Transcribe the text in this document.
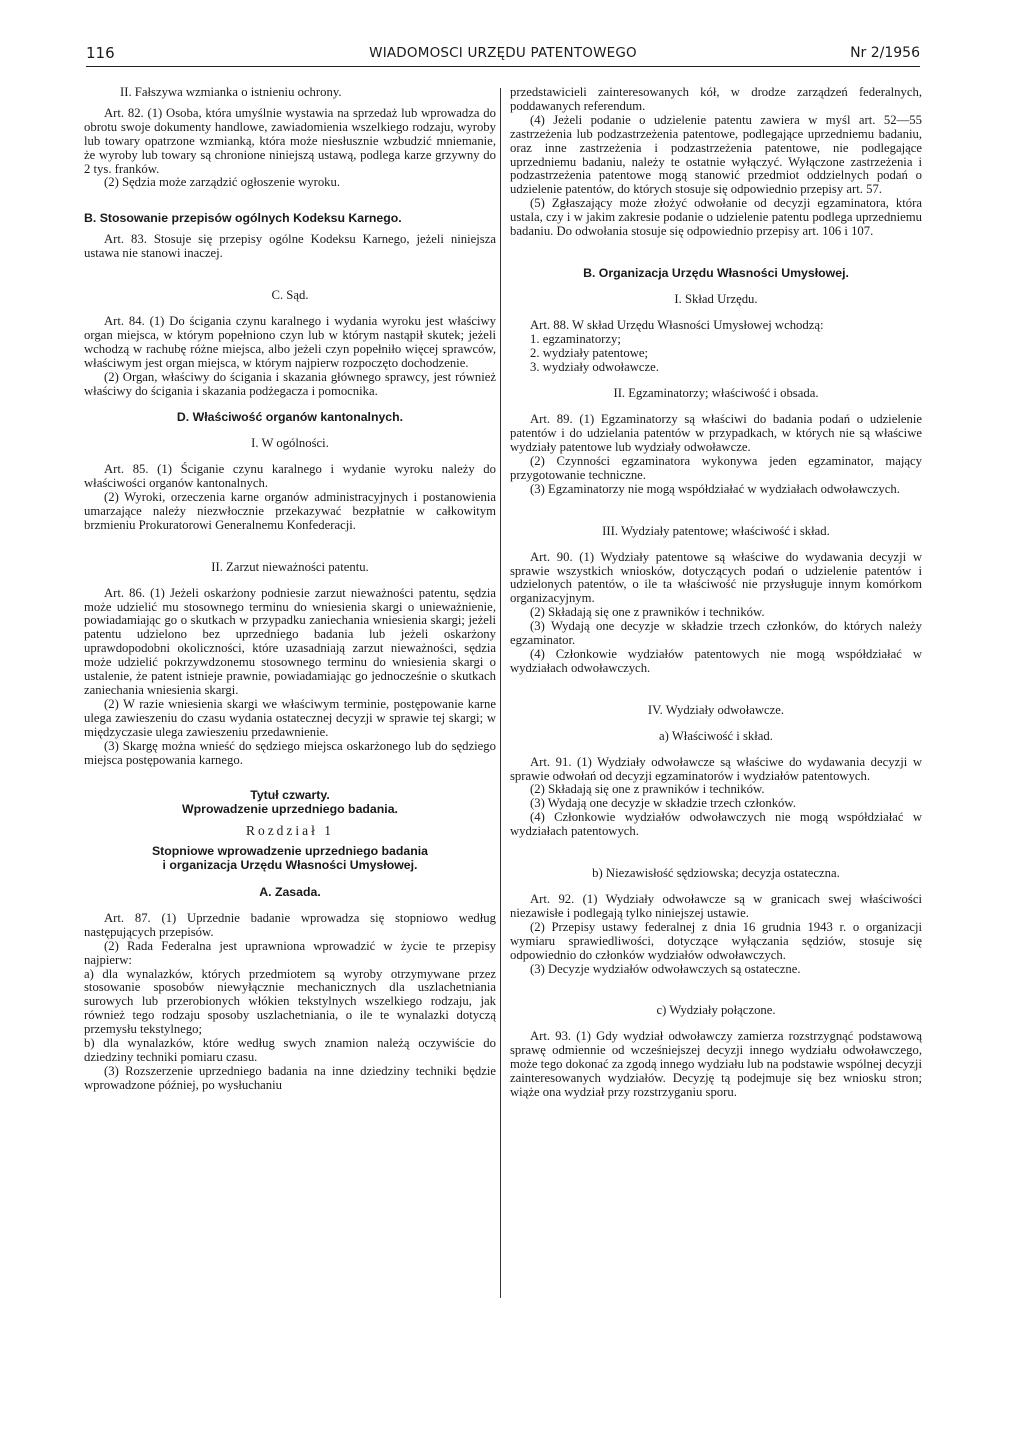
116	WIADOMOSCI URZĘDU PATENTOWEGO	Nr 2/1956

II. Fałszywa wzmianka o istnieniu ochrony.

Art. 82. (1) Osoba, która umyślnie wystawia na sprzedaż lub wprowadza do obrotu swoje dokumenty handlowe, zawiadomienia wszelkiego rodzaju, wyroby lub towary opatrzone wzmianką, która może niesłusznie wzbudzić mniemanie, że wyroby lub towary są chronione niniejszą ustawą, podlega karze grzywny do 2 tys. franków.

(2) Sędzia może zarządzić ogłoszenie wyroku.

B. Stosowanie przepisów ogólnych Kodeksu Karnego.

Art. 83. Stosuje się przepisy ogólne Kodeksu Karnego, jeżeli niniejsza ustawa nie stanowi inaczej.

C. Sąd.

Art. 84. (1) Do ścigania czynu karalnego i wydania wyroku jest właściwy organ miejsca, w którym popełniono czyn lub w którym nastąpił skutek; jeżeli wchodzą w rachubę różne miejsca, albo jeżeli czyn popełniło więcej sprawców, właściwym jest organ miejsca, w którym najpierw rozpoczęto dochodzenie.

(2) Organ, właściwy do ścigania i skazania głównego sprawcy, jest również właściwy do ścigania i skazania podżegacza i pomocnika.

D. Właściwość organów kantonalnych.

I. W ogólności.

Art. 85. (1) Ściganie czynu karalnego i wydanie wyroku należy do właściwości organów kantonalnych.

(2) Wyroki, orzeczenia karne organów administracyjnych i postanowienia umarzające należy niezwłocznie przekazywać bezpłatnie w całkowitym brzmieniu Prokuratorowi Generalnemu Konfederacji.

II. Zarzut nieważności patentu.

Art. 86. (1) Jeżeli oskarżony podniesie zarzut nieważności patentu, sędzia może udzielić mu stosownego terminu do wniesienia skargi o unieważnienie, powiadamiając go o skutkach w przypadku zaniechania wniesienia skargi; jeżeli patentu udzielono bez uprzedniego badania lub jeżeli oskarżony uprawdopodobni okoliczności, które uzasadniają zarzut nieważności, sędzia może udzielić pokrzywdzonemu stosownego terminu do wniesienia skargi o ustalenie, że patent istnieje prawnie, powiadamiając go jednocześnie o skutkach zaniechania wniesienia skargi.

(2) W razie wniesienia skargi we właściwym terminie, postępowanie karne ulega zawieszeniu do czasu wydania ostatecznej decyzji w sprawie tej skargi; w międzyczasie ulega zawieszeniu przedawnienie.

(3) Skargę można wnieść do sędziego miejsca oskarżonego lub do sędziego miejsca postępowania karnego.

Tytuł czwarty.

Wprowadzenie uprzedniego badania.

Rozdział 1

Stopniowe wprowadzenie uprzedniego badania

i organizacja Urzędu Własności Umysłowej.

A. Zasada.

Art. 87. (1) Uprzednie badanie wprowadza się stopniowo według następujących przepisów.

(2) Rada Federalna jest uprawniona wprowadzić w życie te przepisy najpierw:

a) dla wynalazków, których przedmiotem są wyroby otrzymywane przez stosowanie sposobów niewyłącznie mechanicznych dla uszlachetniania surowych lub przerobionych włókien tekstylnych wszelkiego rodzaju, jak również tego rodzaju sposoby uszlachetniania, o ile te wynalazki dotyczą przemysłu tekstylnego;

b) dla wynalazków, które według swych znamion należą oczywiście do dziedziny techniki pomiaru czasu.

(3) Rozszerzenie uprzedniego badania na inne dziedziny techniki będzie wprowadzone później, po wysłuchaniu

przedstawicieli zainteresowanych kół, w drodze zarządzeń federalnych, poddawanych referendum.

(4) Jeżeli podanie o udzielenie patentu zawiera w myśl art. 52—55 zastrzeżenia lub podzastrzeżenia patentowe, podlegające uprzedniemu badaniu, oraz inne zastrzeżenia i podzastrzeżenia patentowe, nie podlegające uprzedniemu badaniu, należy te ostatnie wyłączyć. Wyłączone zastrzeżenia i podzastrzeżenia patentowe mogą stanowić przedmiot oddzielnych podań o udzielenie patentów, do których stosuje się odpowiednio przepisy art. 57.

(5) Zgłaszający może złożyć odwołanie od decyzji egzaminatora, która ustala, czy i w jakim zakresie podanie o udzielenie patentu podlega uprzedniemu badaniu. Do odwołania stosuje się odpowiednio przepisy art. 106 i 107.

B. Organizacja Urzędu Własności Umysłowej.

I. Skład Urzędu.

Art. 88. W skład Urzędu Własności Umysłowej wchodzą:

1. egzaminatorzy;

2. wydziały patentowe;

3. wydziały odwoławcze.

II. Egzaminatorzy; właściwość i obsada.

Art. 89. (1) Egzaminatorzy są właściwi do badania podań o udzielenie patentów i do udzielania patentów w przypadkach, w których nie są właściwe wydziały patentowe lub wydziały odwoławcze.

(2) Czynności egzaminatora wykonywa jeden egzaminator, mający przygotowanie techniczne.

(3) Egzaminatorzy nie mogą współdziałać w wydziałach odwoławczych.

III. Wydziały patentowe; właściwość i skład.

Art. 90. (1) Wydziały patentowe są właściwe do wydawania decyzji w sprawie wszystkich wniosków, dotyczących podań o udzielenie patentów i udzielonych patentów, o ile ta właściwość nie przysługuje innym komórkom organizacyjnym.

(2) Składają się one z prawników i techników.

(3) Wydają one decyzje w składzie trzech członków, do których należy egzaminator.

(4) Członkowie wydziałów patentowych nie mogą współdziałać w wydziałach odwoławczych.

IV. Wydziały odwoławcze.

a) Właściwość i skład.

Art. 91. (1) Wydziały odwoławcze są właściwe do wydawania decyzji w sprawie odwołań od decyzji egzaminatorów i wydziałów patentowych.

(2) Składają się one z prawników i techników.

(3) Wydają one decyzje w składzie trzech członków.

(4) Członkowie wydziałów odwoławczych nie mogą współdziałać w wydziałach patentowych.

b) Niezawisłość sędziowska; decyzja ostateczna.

Art. 92. (1) Wydziały odwoławcze są w granicach swej właściwości niezawisłe i podlegają tylko niniejszej ustawie.

(2) Przepisy ustawy federalnej z dnia 16 grudnia 1943 r. o organizacji wymiaru sprawiedliwości, dotyczące wyłączania sędziów, stosuje się odpowiednio do członków wydziałów odwoławczych.

(3) Decyzje wydziałów odwoławczych są ostateczne.

c) Wydziały połączone.

Art. 93. (1) Gdy wydział odwoławczy zamierza rozstrzygnąć podstawową sprawę odmiennie od wcześniejszej decyzji innego wydziału odwoławczego, może tego dokonać za zgodą innego wydziału lub na podstawie wspólnej decyzji zainteresowanych wydziałów. Decyzję tą podejmuje się bez wniosku stron; wiąże ona wydział przy rozstrzyganiu sporu.
